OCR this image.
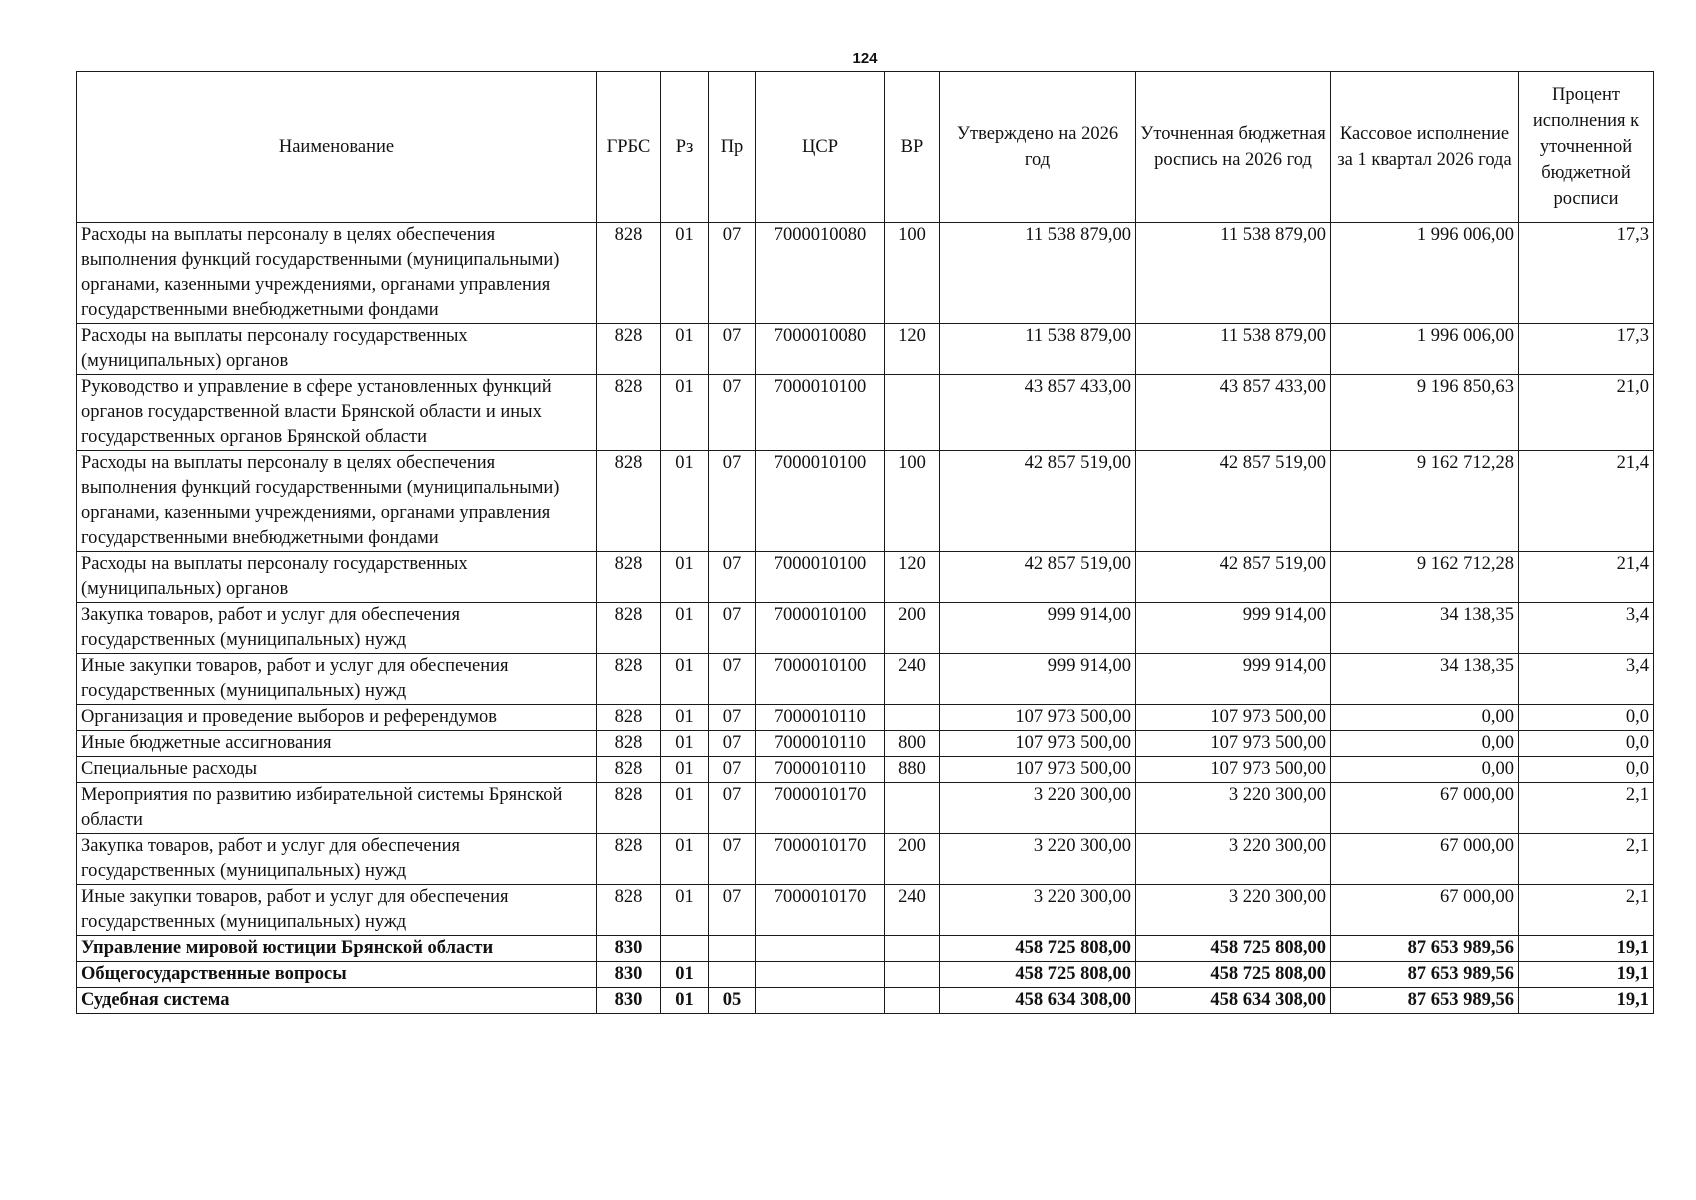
124
Наименование	ГРБС	Рз	Пр	ЦСР	ВР	Утверждено на 2026 год	Уточненная бюджетная роспись на 2026 год	Кассовое исполнение за 1 квартал 2026 года	Процент исполнения к уточненной бюджетной росписи
Расходы на выплаты персоналу в целях обеспечения выполнения функций государственными (муниципальными) органами, казенными учреждениями, органами управления государственными внебюджетными фондами	828	01	07	7000010080	100	11 538 879,00	11 538 879,00	1 996 006,00	17,3
Расходы на выплаты персоналу государственных (муниципальных) органов	828	01	07	7000010080	120	11 538 879,00	11 538 879,00	1 996 006,00	17,3
Руководство и управление в сфере установленных функций органов государственной власти Брянской области и иных государственных органов Брянской области	828	01	07	7000010100		43 857 433,00	43 857 433,00	9 196 850,63	21,0
Расходы на выплаты персоналу в целях обеспечения выполнения функций государственными (муниципальными) органами, казенными учреждениями, органами управления государственными внебюджетными фондами	828	01	07	7000010100	100	42 857 519,00	42 857 519,00	9 162 712,28	21,4
Расходы на выплаты персоналу государственных (муниципальных) органов	828	01	07	7000010100	120	42 857 519,00	42 857 519,00	9 162 712,28	21,4
Закупка товаров, работ и услуг для обеспечения государственных (муниципальных) нужд	828	01	07	7000010100	200	999 914,00	999 914,00	34 138,35	3,4
Иные закупки товаров, работ и услуг для обеспечения государственных (муниципальных) нужд	828	01	07	7000010100	240	999 914,00	999 914,00	34 138,35	3,4
Организация и проведение выборов и референдумов	828	01	07	7000010110		107 973 500,00	107 973 500,00	0,00	0,0
Иные бюджетные ассигнования	828	01	07	7000010110	800	107 973 500,00	107 973 500,00	0,00	0,0
Специальные расходы	828	01	07	7000010110	880	107 973 500,00	107 973 500,00	0,00	0,0
Мероприятия по развитию избирательной системы Брянской области	828	01	07	7000010170		3 220 300,00	3 220 300,00	67 000,00	2,1
Закупка товаров, работ и услуг для обеспечения государственных (муниципальных) нужд	828	01	07	7000010170	200	3 220 300,00	3 220 300,00	67 000,00	2,1
Иные закупки товаров, работ и услуг для обеспечения государственных (муниципальных) нужд	828	01	07	7000010170	240	3 220 300,00	3 220 300,00	67 000,00	2,1
Управление мировой юстиции Брянской области	830					458 725 808,00	458 725 808,00	87 653 989,56	19,1
Общегосударственные вопросы	830	01				458 725 808,00	458 725 808,00	87 653 989,56	19,1
Судебная система	830	01	05			458 634 308,00	458 634 308,00	87 653 989,56	19,1
